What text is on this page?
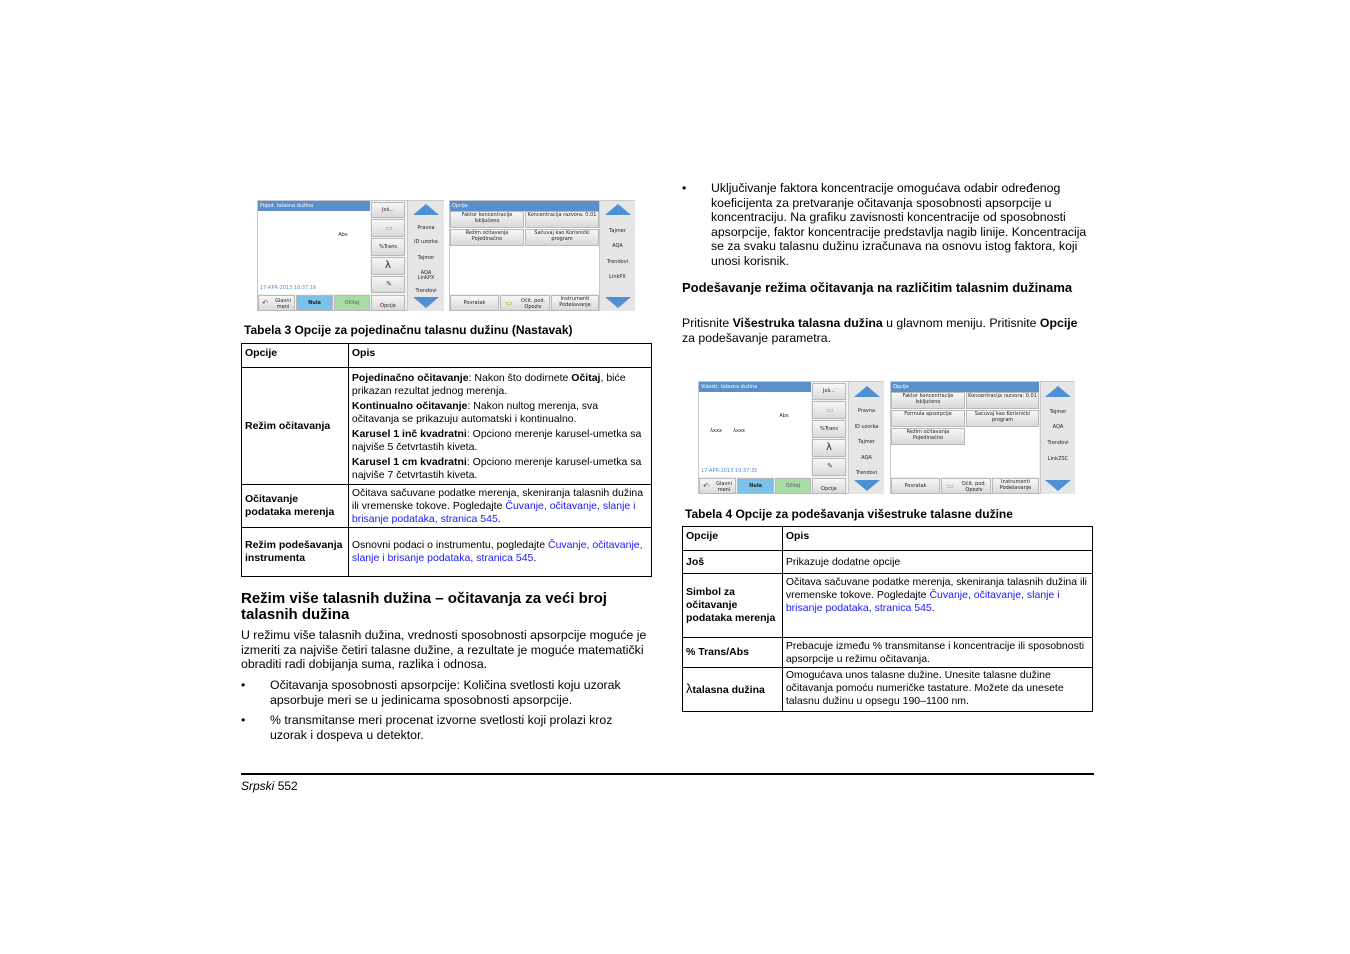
Pojed. talasna dužina
Abs
17-APR-2013 10:37:16
Još...
▭
%Trans
λ
✎
↶	Glavni meni
Nula	Očitaj	Opcije
Pravna
ID uzorka
Tajmer
AQA
LinkPX
Trendovi
Opcije
Faktor koncentracije Isključeno
Koncentracija razvora: 0.01
Režim očitavanja Pojedinačno
Sačuvaj kao Korisnički program
Povratak	▭	Očit. pod. Opoziv
Instrumenti Podešavanje
Tajmer
AQA
Trendovi
LinkPX
Tabela 3 Opcije za pojedinačnu talasnu dužinu (Nastavak)
Opcije	Opis
Režim očitavanja	Pojedinačno očitavanje: Nakon što dodirnete Očitaj, biće prikazan rezultat jednog merenja.
Kontinualno očitavanje: Nakon nultog merenja, sva očitavanja se prikazuju automatski i kontinualno.
Karusel 1 inč kvadratni: Opciono merenje karusel-umetka sa najviše 5 četvrtastih kiveta.
Karusel 1 cm kvadratni: Opciono merenje karusel-umetka sa najviše 7 četvrtastih kiveta.

Očitavanje podataka merenja	Očitava sačuvane podatke merenja, skeniranja talasnih dužina ili vremenske tokove. Pogledajte Čuvanje, očitavanje, slanje i brisanje podataka, stranica 545.
Režim podešavanja instrumenta	Osnovni podaci o instrumentu, pogledajte Čuvanje, očitavanje, slanje i brisanje podataka, stranica 545.
Režim više talasnih dužina – očitavanja za veći broj talasnih dužina
U režimu više talasnih dužina, vrednosti sposobnosti apsorpcije moguće je izmeriti za najviše četiri talasne dužine, a rezultate je moguće matematički obraditi radi dobijanja suma, razlika i odnosa.
• Očitavanja sposobnosti apsorpcije: Količina svetlosti koju uzorak apsorbuje meri se u jedinicama sposobnosti apsorpcije.
• % transmitanse meri procenat izvorne svetlosti koji prolazi kroz uzorak i dospeva u detektor.
• Uključivanje faktora koncentracije omogućava odabir određenog koeficijenta za pretvaranje očitavanja sposobnosti apsorpcije u koncentraciju. Na grafiku zavisnosti koncentracije od sposobnosti apsorpcije, faktor koncentracije predstavlja nagib linije. Koncentracija se za svaku talasnu dužinu izračunava na osnovu istog faktora, koji unosi korisnik.
Podešavanje režima očitavanja na različitim talasnim dužinama
Pritisnite Višestruka talasna dužina u glavnom meniju. Pritisnite Opcije za podešavanje parametra.
Višestr. talasna dužina
Abs
λxxx λxxx
17-APR-2013 10:37:35
Još...
▭
%Trans
λ
✎
↶	Glavni meni
Nula	Očitaj	Opcije
Pravna
ID uzorka
Tajmer
AQA
Trendovi
Opcije
Faktor koncentracije Isključeno
Koncentracija razvora: 0.01
Formula apsorpcije	Sačuvaj kao Korisnički program
Režim očitavanja Pojedinačno
Povratak	▭	Očit. pod. Opoziv
Instrumenti Podešavanje
Tajmer
AQA
Trendovi
LinkZSC
Tabela 4 Opcije za podešavanja višestruke talasne dužine
Opcije	Opis
Još	Prikazuje dodatne opcije
Simbol za očitavanje podataka merenja	Očitava sačuvane podatke merenja, skeniranja talasnih dužina ili vremenske tokove. Pogledajte Čuvanje, očitavanje, slanje i brisanje podataka, stranica 545.
% Trans/Abs	Prebacuje između % transmitanse i koncentracije ili sposobnosti apsorpcije u režimu očitavanja.
λtalasna dužina	Omogućava unos talasne dužine. Unesite talasne dužine očitavanja pomoću numeričke tastature. Možete da unesete talasnu dužinu u opsegu 190–1100 nm.
Srpski 552
